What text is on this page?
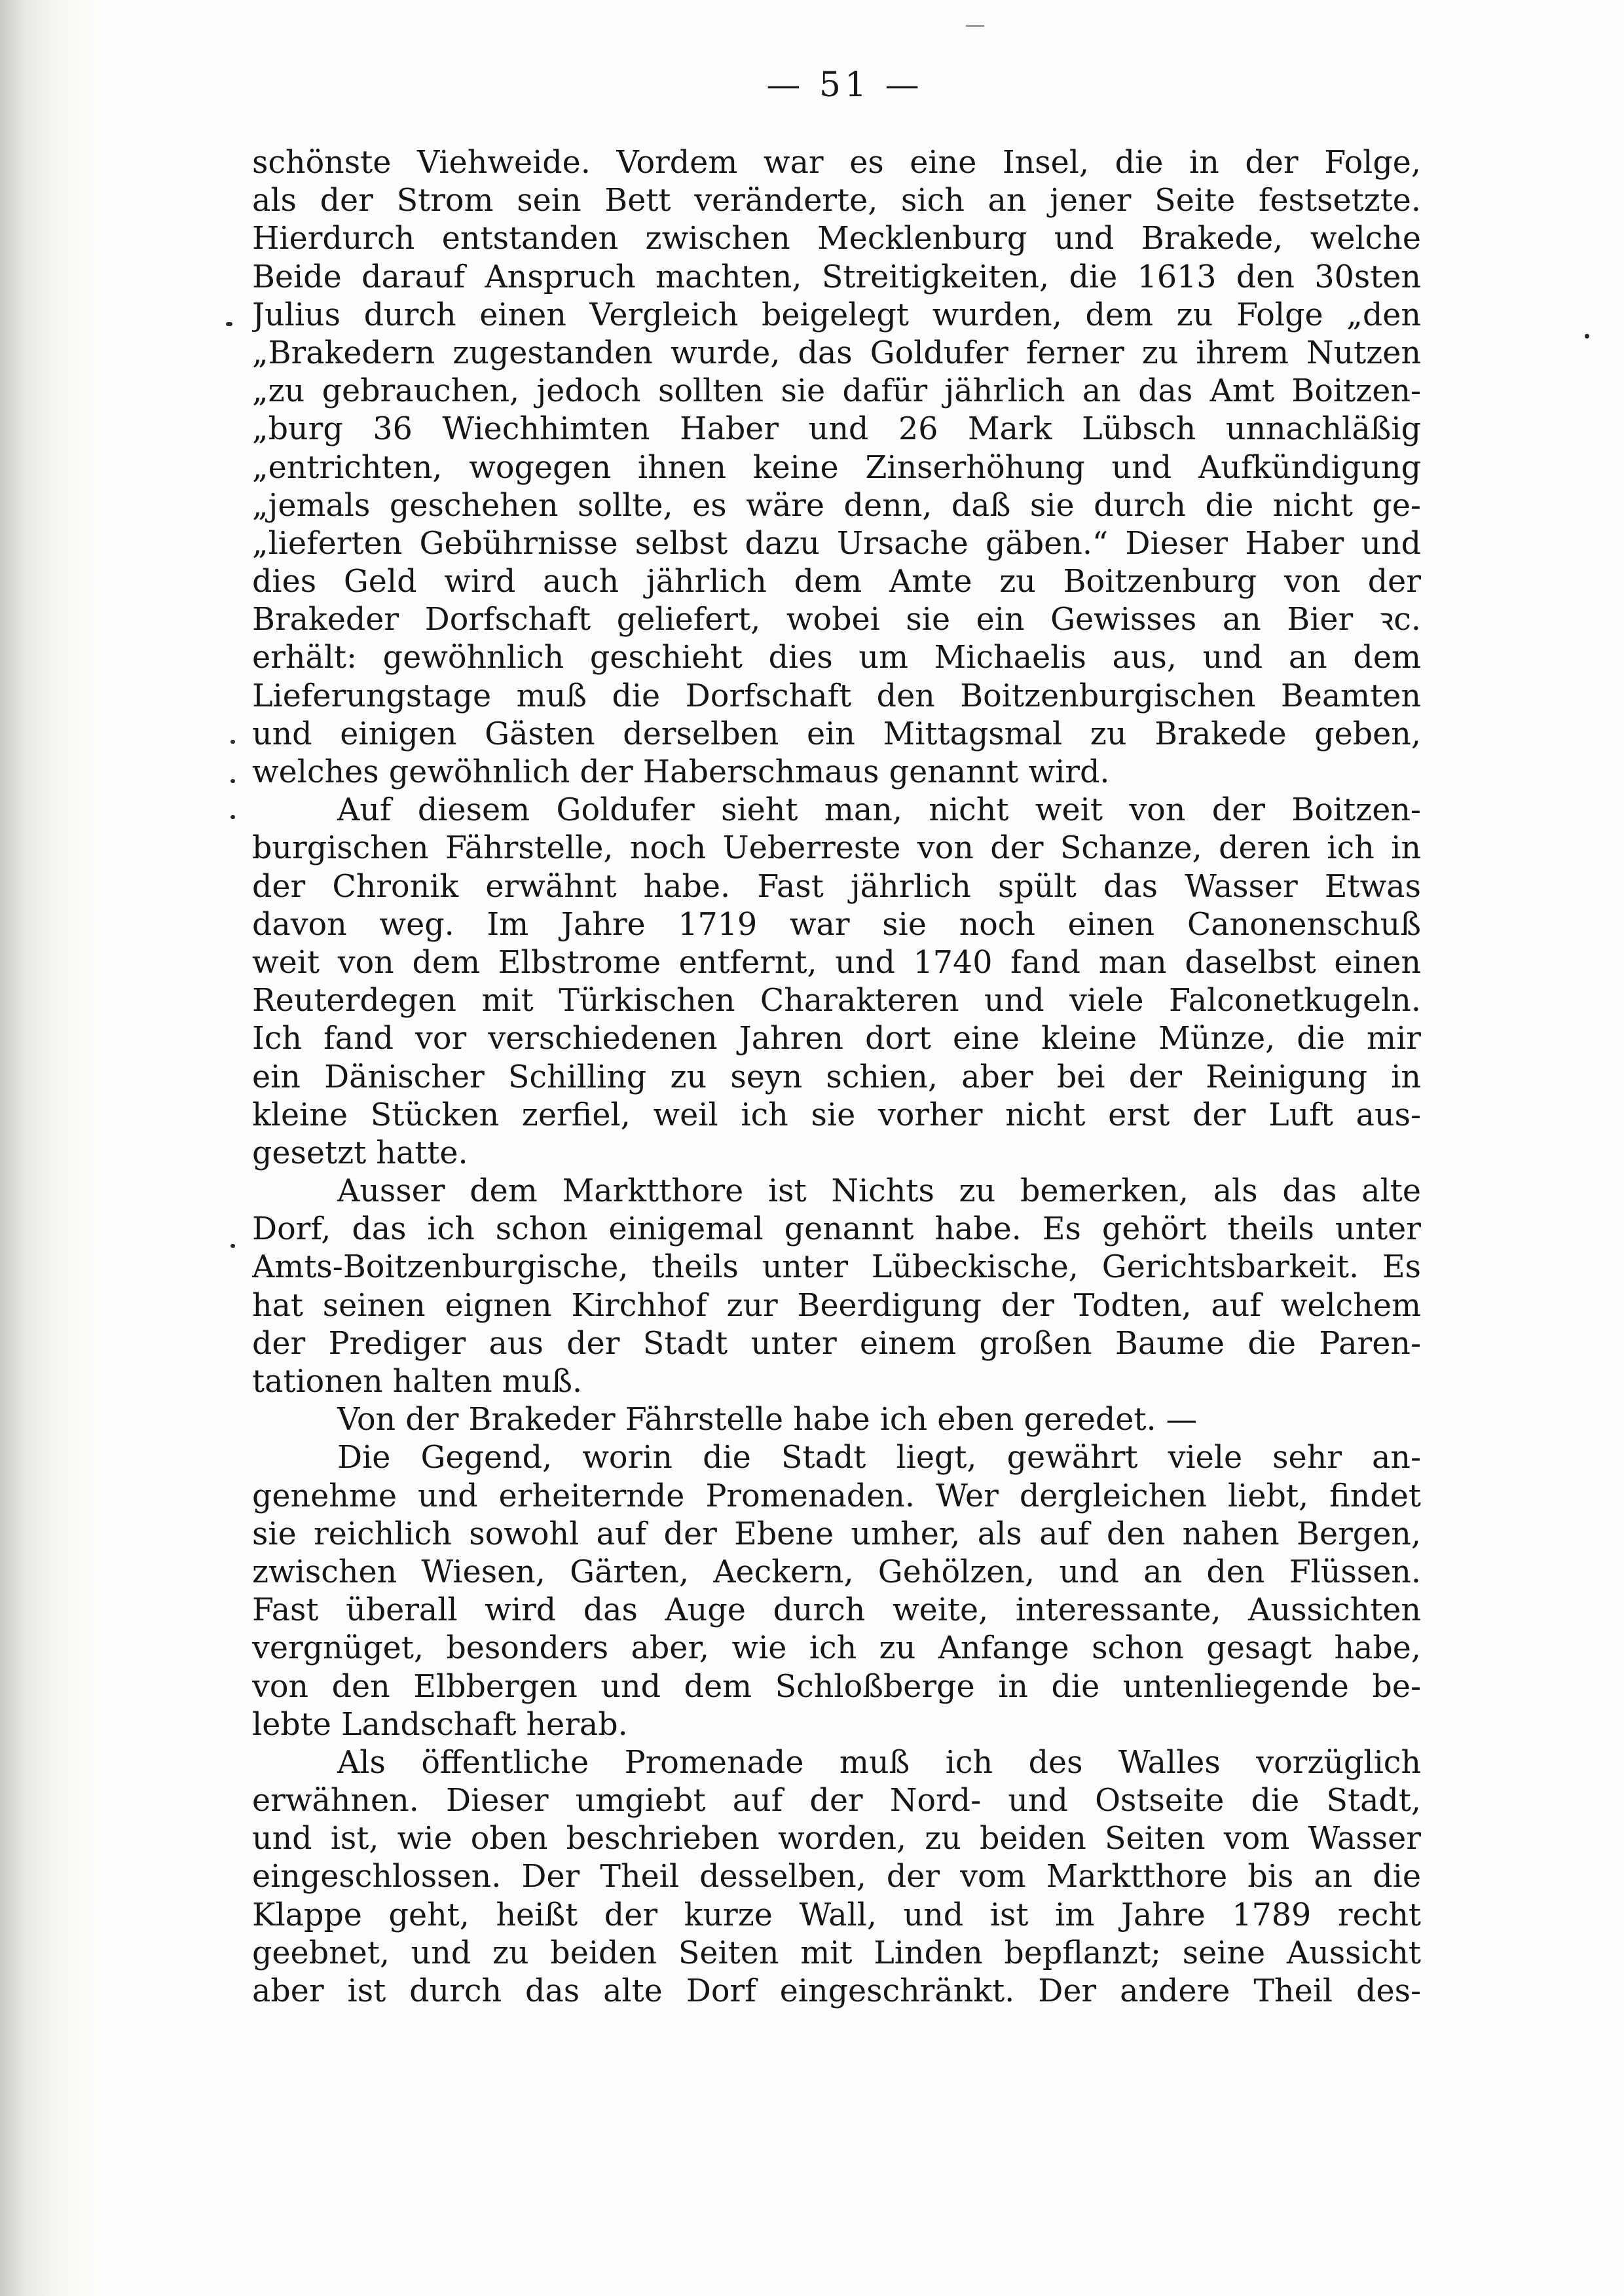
— 51 —
schönste Viehweide. Vordem war es eine Insel, die in der Folge,
als der Strom sein Bett veränderte, sich an jener Seite festsetzte.
Hierdurch entstanden zwischen Mecklenburg und Brakede, welche
Beide darauf Anspruch machten, Streitigkeiten, die 1613 den 30sten
Julius durch einen Vergleich beigelegt wurden, dem zu Folge „den
„Brakedern zugestanden wurde, das Goldufer ferner zu ihrem Nutzen
„zu gebrauchen, jedoch sollten sie dafür jährlich an das Amt Boitzen-
„burg 36 Wiechhimten Haber und 26 Mark Lübsch unnachläßig
„entrichten, wogegen ihnen keine Zinserhöhung und Aufkündigung
„jemals geschehen sollte, es wäre denn, daß sie durch die nicht ge-
„lieferten Gebührnisse selbst dazu Ursache gäben.“ Dieser Haber und
dies Geld wird auch jährlich dem Amte zu Boitzenburg von der
Brakeder Dorfschaft geliefert, wobei sie ein Gewisses an Bier ꝛc.
erhält: gewöhnlich geschieht dies um Michaelis aus, und an dem
Lieferungstage muß die Dorfschaft den Boitzenburgischen Beamten
und einigen Gästen derselben ein Mittagsmal zu Brakede geben,
welches gewöhnlich der Haberschmaus genannt wird.
Auf diesem Goldufer sieht man, nicht weit von der Boitzen-
burgischen Fährstelle, noch Ueberreste von der Schanze, deren ich in
der Chronik erwähnt habe. Fast jährlich spült das Wasser Etwas
davon weg. Im Jahre 1719 war sie noch einen Canonenschuß
weit von dem Elbstrome entfernt, und 1740 fand man daselbst einen
Reuterdegen mit Türkischen Charakteren und viele Falconetkugeln.
Ich fand vor verschiedenen Jahren dort eine kleine Münze, die mir
ein Dänischer Schilling zu seyn schien, aber bei der Reinigung in
kleine Stücken zerfiel, weil ich sie vorher nicht erst der Luft aus-
gesetzt hatte.
Ausser dem Marktthore ist Nichts zu bemerken, als das alte
Dorf, das ich schon einigemal genannt habe. Es gehört theils unter
Amts-Boitzenburgische, theils unter Lübeckische, Gerichtsbarkeit. Es
hat seinen eignen Kirchhof zur Beerdigung der Todten, auf welchem
der Prediger aus der Stadt unter einem großen Baume die Paren-
tationen halten muß.
Von der Brakeder Fährstelle habe ich eben geredet. —
Die Gegend, worin die Stadt liegt, gewährt viele sehr an-
genehme und erheiternde Promenaden. Wer dergleichen liebt, findet
sie reichlich sowohl auf der Ebene umher, als auf den nahen Bergen,
zwischen Wiesen, Gärten, Aeckern, Gehölzen, und an den Flüssen.
Fast überall wird das Auge durch weite, interessante, Aussichten
vergnüget, besonders aber, wie ich zu Anfange schon gesagt habe,
von den Elbbergen und dem Schloßberge in die untenliegende be-
lebte Landschaft herab.
Als öffentliche Promenade muß ich des Walles vorzüglich
erwähnen. Dieser umgiebt auf der Nord- und Ostseite die Stadt,
und ist, wie oben beschrieben worden, zu beiden Seiten vom Wasser
eingeschlossen. Der Theil desselben, der vom Marktthore bis an die
Klappe geht, heißt der kurze Wall, und ist im Jahre 1789 recht
geebnet, und zu beiden Seiten mit Linden bepflanzt; seine Aussicht
aber ist durch das alte Dorf eingeschränkt. Der andere Theil des-
